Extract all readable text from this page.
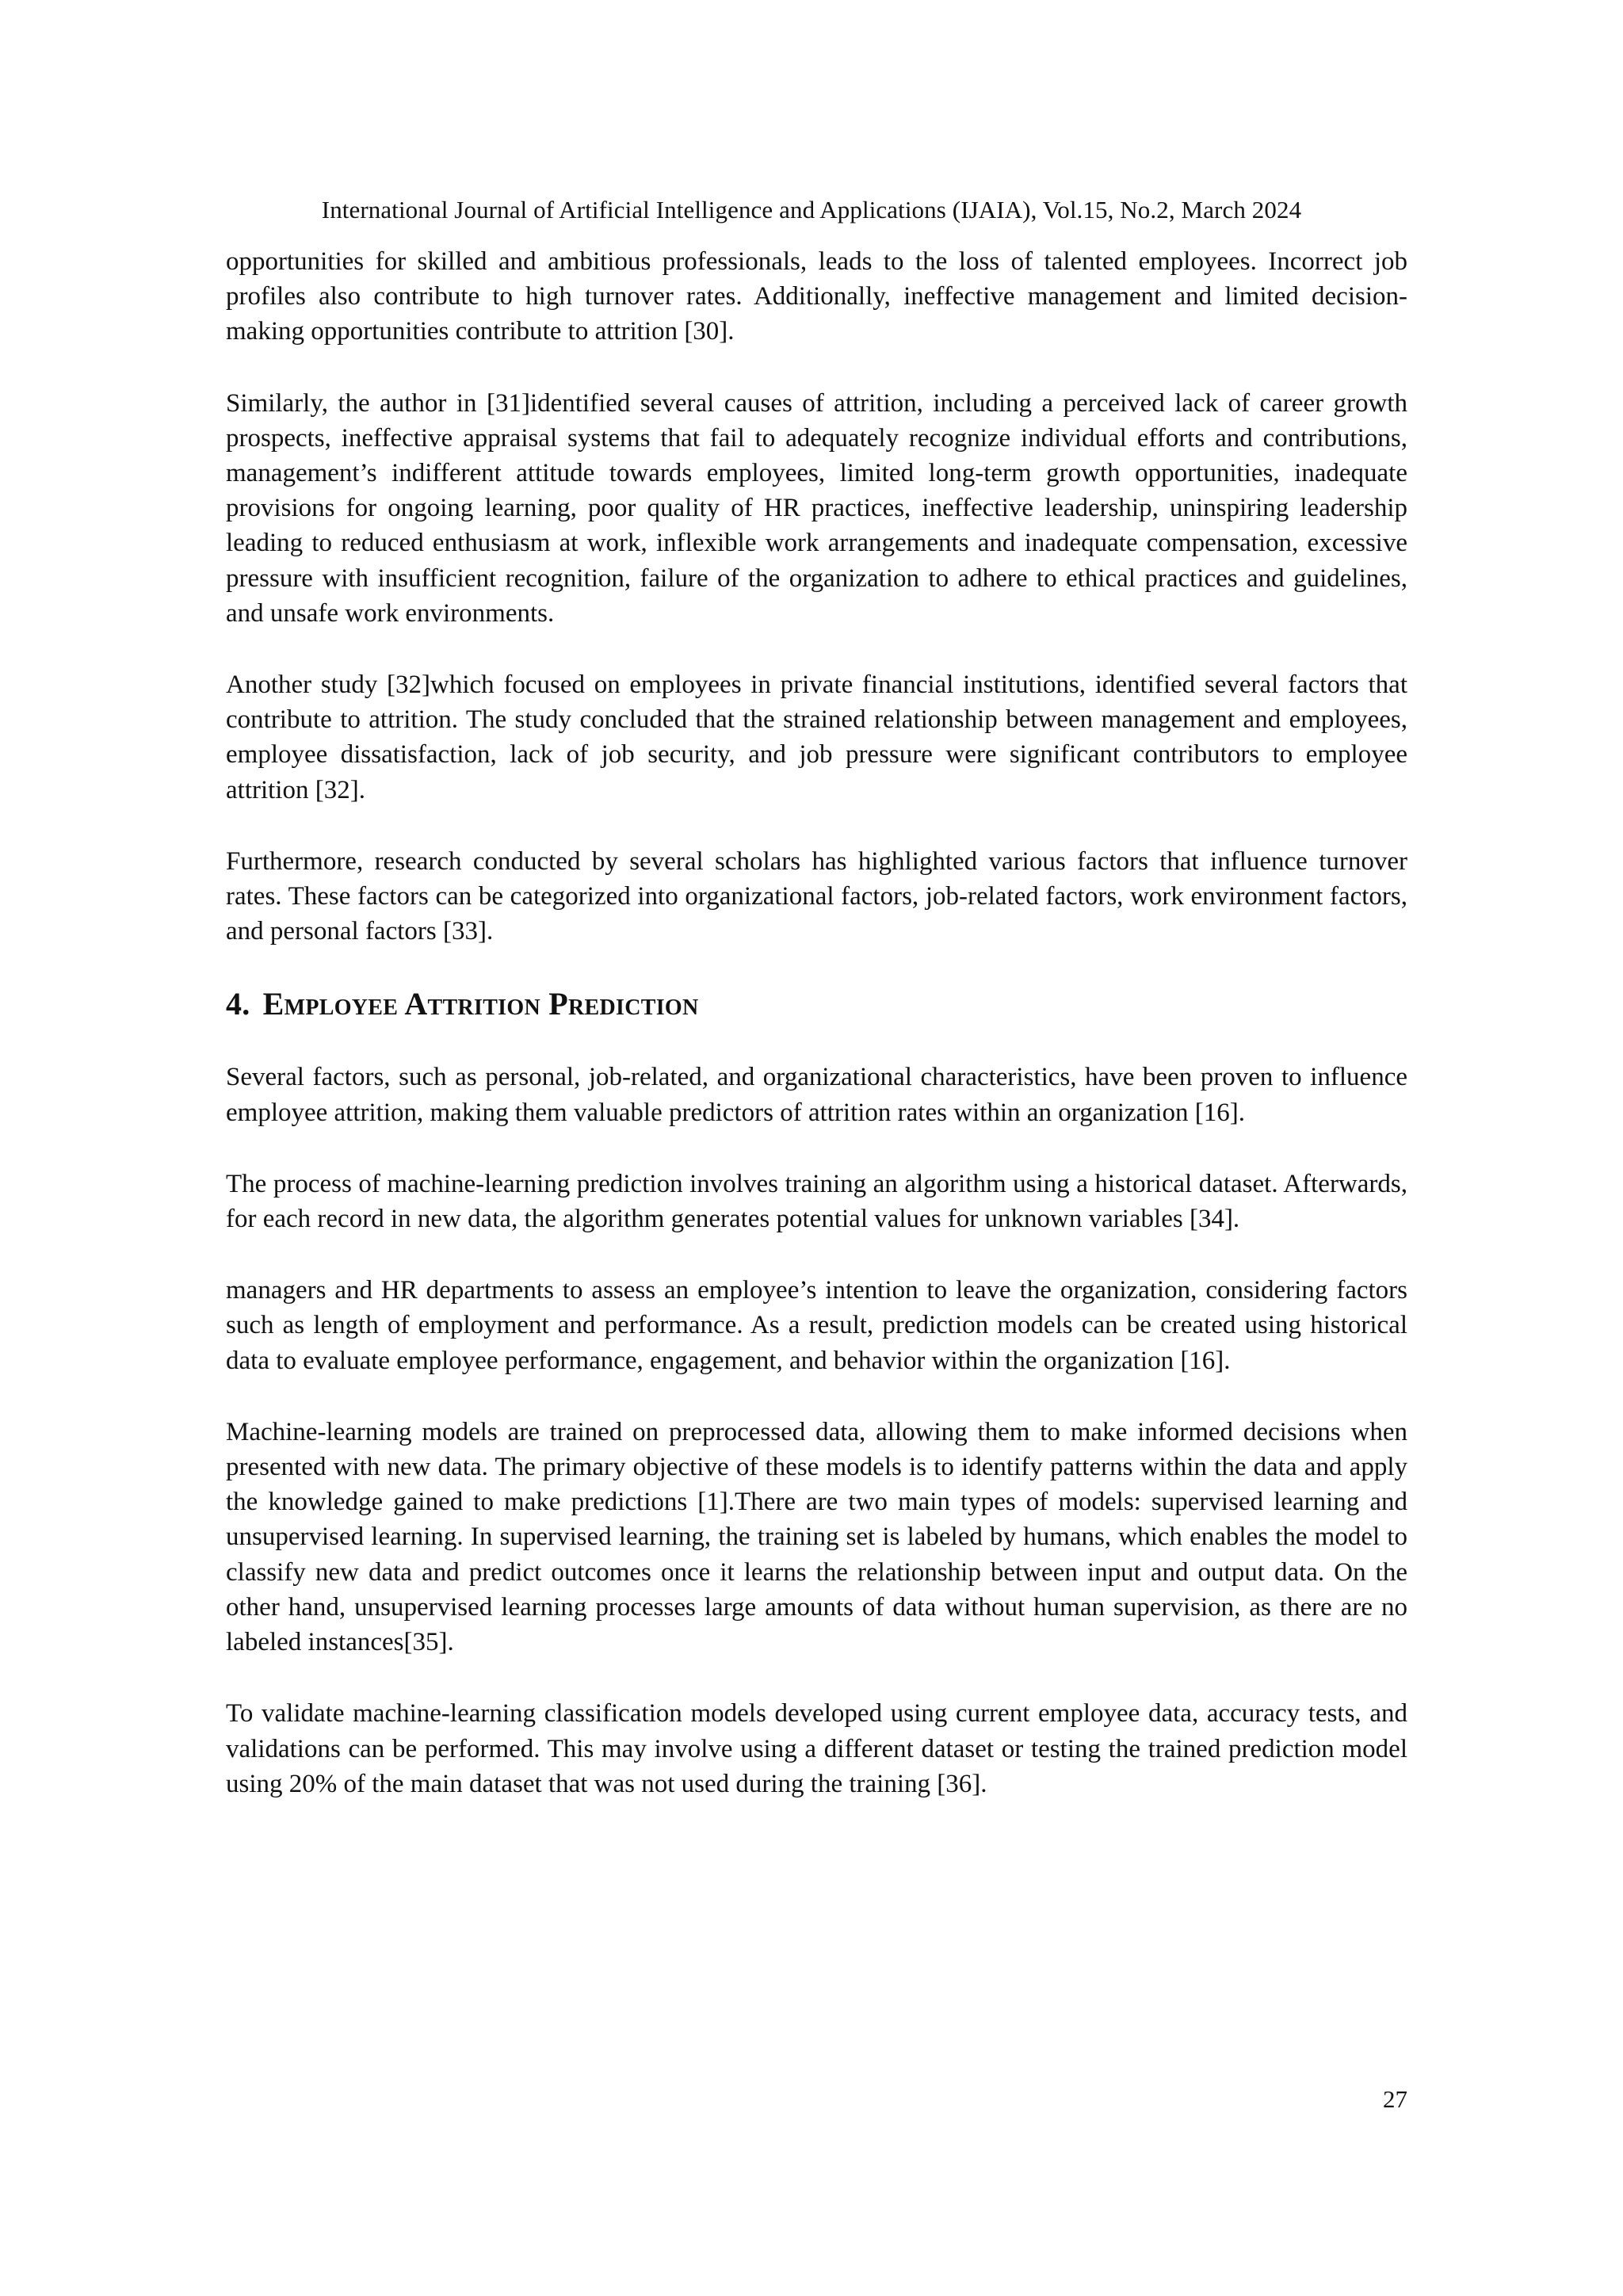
International Journal of Artificial Intelligence and Applications (IJAIA), Vol.15, No.2, March 2024

opportunities for skilled and ambitious professionals, leads to the loss of talented employees. Incorrect job profiles also contribute to high turnover rates. Additionally, ineffective management and limited decision-making opportunities contribute to attrition [30].

Similarly, the author in [31]identified several causes of attrition, including a perceived lack of career growth prospects, ineffective appraisal systems that fail to adequately recognize individual efforts and contributions, management’s indifferent attitude towards employees, limited long-term growth opportunities, inadequate provisions for ongoing learning, poor quality of HR practices, ineffective leadership, uninspiring leadership leading to reduced enthusiasm at work, inflexible work arrangements and inadequate compensation, excessive pressure with insufficient recognition, failure of the organization to adhere to ethical practices and guidelines, and unsafe work environments.

Another study [32]which focused on employees in private financial institutions, identified several factors that contribute to attrition. The study concluded that the strained relationship between management and employees, employee dissatisfaction, lack of job security, and job pressure were significant contributors to employee attrition [32].

Furthermore, research conducted by several scholars has highlighted various factors that influence turnover rates. These factors can be categorized into organizational factors, job-related factors, work environment factors, and personal factors [33].

4. Employee Attrition Prediction

Several factors, such as personal, job-related, and organizational characteristics, have been proven to influence employee attrition, making them valuable predictors of attrition rates within an organization [16].

The process of machine-learning prediction involves training an algorithm using a historical dataset. Afterwards, for each record in new data, the algorithm generates potential values for unknown variables [34].

managers and HR departments to assess an employee’s intention to leave the organization, considering factors such as length of employment and performance. As a result, prediction models can be created using historical data to evaluate employee performance, engagement, and behavior within the organization [16].

Machine-learning models are trained on preprocessed data, allowing them to make informed decisions when presented with new data. The primary objective of these models is to identify patterns within the data and apply the knowledge gained to make predictions [1].There are two main types of models: supervised learning and unsupervised learning. In supervised learning, the training set is labeled by humans, which enables the model to classify new data and predict outcomes once it learns the relationship between input and output data. On the other hand, unsupervised learning processes large amounts of data without human supervision, as there are no labeled instances[35].

To validate machine-learning classification models developed using current employee data, accuracy tests, and validations can be performed. This may involve using a different dataset or testing the trained prediction model using 20% of the main dataset that was not used during the training [36].

27
